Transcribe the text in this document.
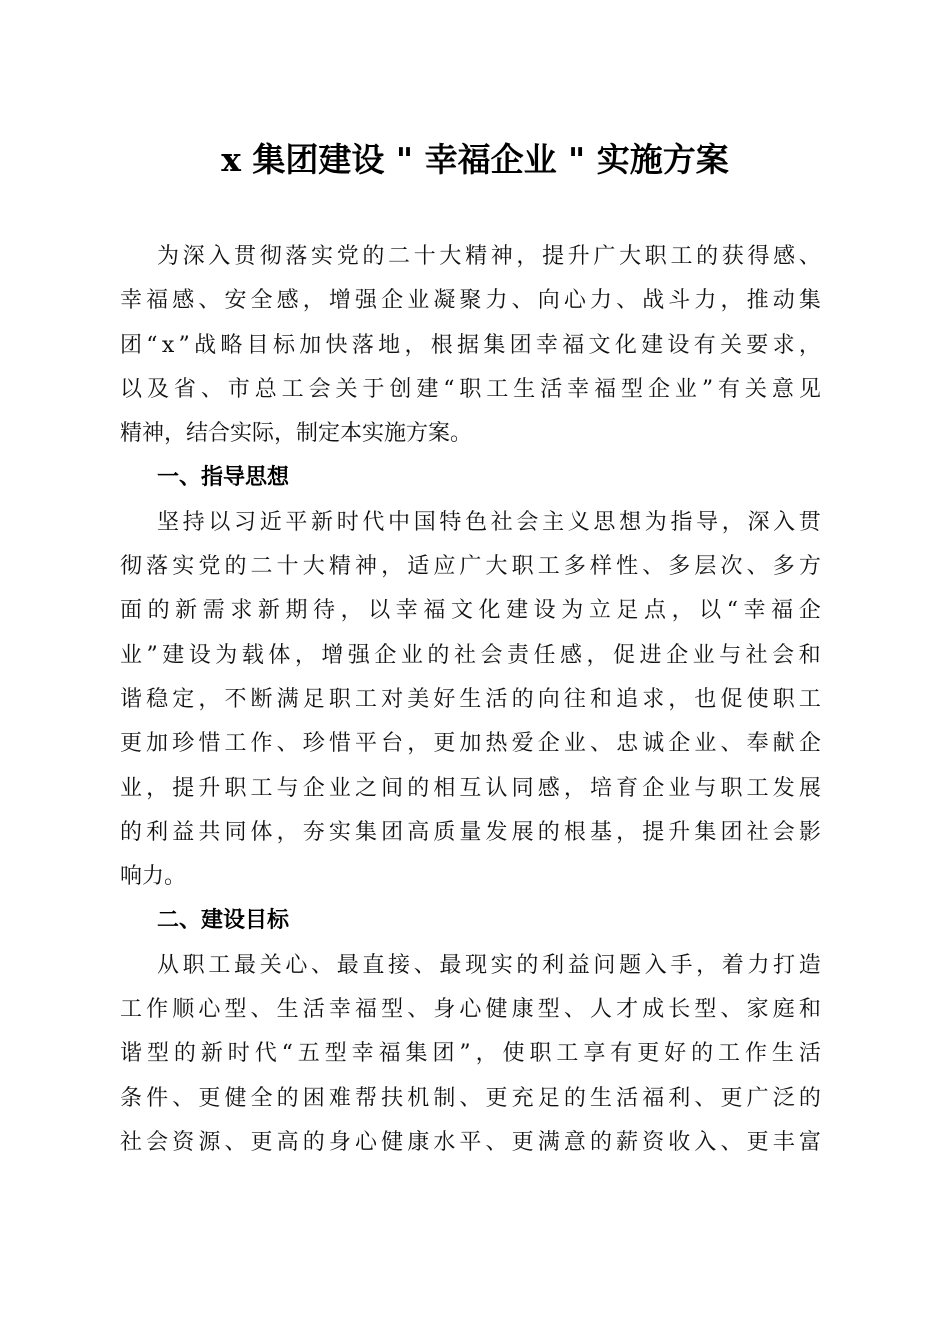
x 集团建设 " 幸福企业 " 实施方案
为 深 入 贯 彻 落 实 党 的 二 十 大 精 神 ， 提 升 广 大 职 工 的 获 得 感 、
幸 福 感 、 安 全 感 ， 增 强 企 业 凝 聚 力 、 向 心 力 、 战 斗 力 ， 推 动 集
团 “ x ” 战 略 目 标 加 快 落 地 ， 根 据 集 团 幸 福 文 化 建 设 有 关 要 求 ，
以 及 省 、 市 总 工 会 关 于 创 建 “ 职 工 生 活 幸 福 型 企 业 ” 有 关 意 见
精神，结合实际，制定本实施方案。
一、指导思想
坚 持 以 习 近 平 新 时 代 中 国 特 色 社 会 主 义 思 想 为 指 导 ， 深 入 贯
彻 落 实 党 的 二 十 大 精 神 ， 适 应 广 大 职 工 多 样 性 、 多 层 次 、 多 方
面 的 新 需 求 新 期 待 ， 以 幸 福 文 化 建 设 为 立 足 点 ， 以 “ 幸 福 企
业 ” 建 设 为 载 体 ， 增 强 企 业 的 社 会 责 任 感 ， 促 进 企 业 与 社 会 和
谐 稳 定 ， 不 断 满 足 职 工 对 美 好 生 活 的 向 往 和 追 求 ， 也 促 使 职 工
更 加 珍 惜 工 作 、 珍 惜 平 台 ， 更 加 热 爱 企 业 、 忠 诚 企 业 、 奉 献 企
业 ， 提 升 职 工 与 企 业 之 间 的 相 互 认 同 感 ， 培 育 企 业 与 职 工 发 展
的 利 益 共 同 体 ， 夯 实 集 团 高 质 量 发 展 的 根 基 ， 提 升 集 团 社 会 影
响力。
二、建设目标
从 职 工 最 关 心 、 最 直 接 、 最 现 实 的 利 益 问 题 入 手 ， 着 力 打 造
工 作 顺 心 型 、 生 活 幸 福 型 、 身 心 健 康 型 、 人 才 成 长 型 、 家 庭 和
谐 型 的 新 时 代 “ 五 型 幸 福 集 团 ” ， 使 职 工 享 有 更 好 的 工 作 生 活
条 件 、 更 健 全 的 困 难 帮 扶 机 制 、 更 充 足 的 生 活 福 利 、 更 广 泛 的
社 会 资 源 、 更 高 的 身 心 健 康 水 平 、 更 满 意 的 薪 资 收 入 、 更 丰 富
